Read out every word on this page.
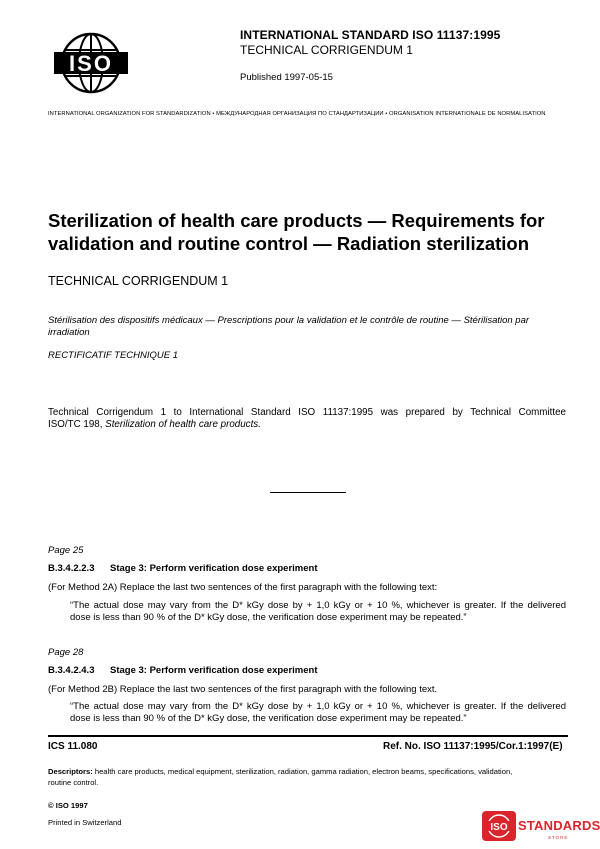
ISO
INTERNATIONAL STANDARD ISO 11137:1995
TECHNICAL CORRIGENDUM 1
Published 1997-05-15
INTERNATIONAL ORGANIZATION FOR STANDARDIZATION • МЕЖДУНАРОДНАЯ ОРГАНИЗАЦИЯ ПО СТАНДАРТИЗАЦИИ • ORGANISATION INTERNATIONALE DE NORMALISATION
Sterilization of health care products — Requirements for
validation and routine control — Radiation sterilization
TECHNICAL CORRIGENDUM 1
Stérilisation des dispositifs médicaux — Prescriptions pour la validation et le contrôle de routine — Stérilisation par
irradiation
RECTIFICATIF TECHNIQUE 1
Technical Corrigendum 1 to International Standard ISO 11137:1995 was prepared by Technical Committee
ISO/TC 198, Sterilization of health care products.
Page 25
B.3.4.2.2.3 Stage 3: Perform verification dose experiment
(For Method 2A) Replace the last two sentences of the first paragraph with the following text:
“The actual dose may vary from the D* kGy dose by + 1,0 kGy or + 10 %, whichever is greater. If the delivered
dose is less than 90 % of the D* kGy dose, the verification dose experiment may be repeated.”
Page 28
B.3.4.2.4.3 Stage 3: Perform verification dose experiment
(For Method 2B) Replace the last two sentences of the first paragraph with the following text.
“The actual dose may vary from the D* kGy dose by + 1,0 kGy or + 10 %, whichever is greater. If the delivered
dose is less than 90 % of the D* kGy dose, the verification dose experiment may be repeated.”
ICS 11.080	Ref. No. ISO 11137:1995/Cor.1:1997(E)
Descriptors: health care products, medical equipment, sterilization, radiation, gamma radiation, electron beams, specifications, validation,
routine control.
© ISO 1997
Printed in Switzerland	ISO STANDARDS
STORE
